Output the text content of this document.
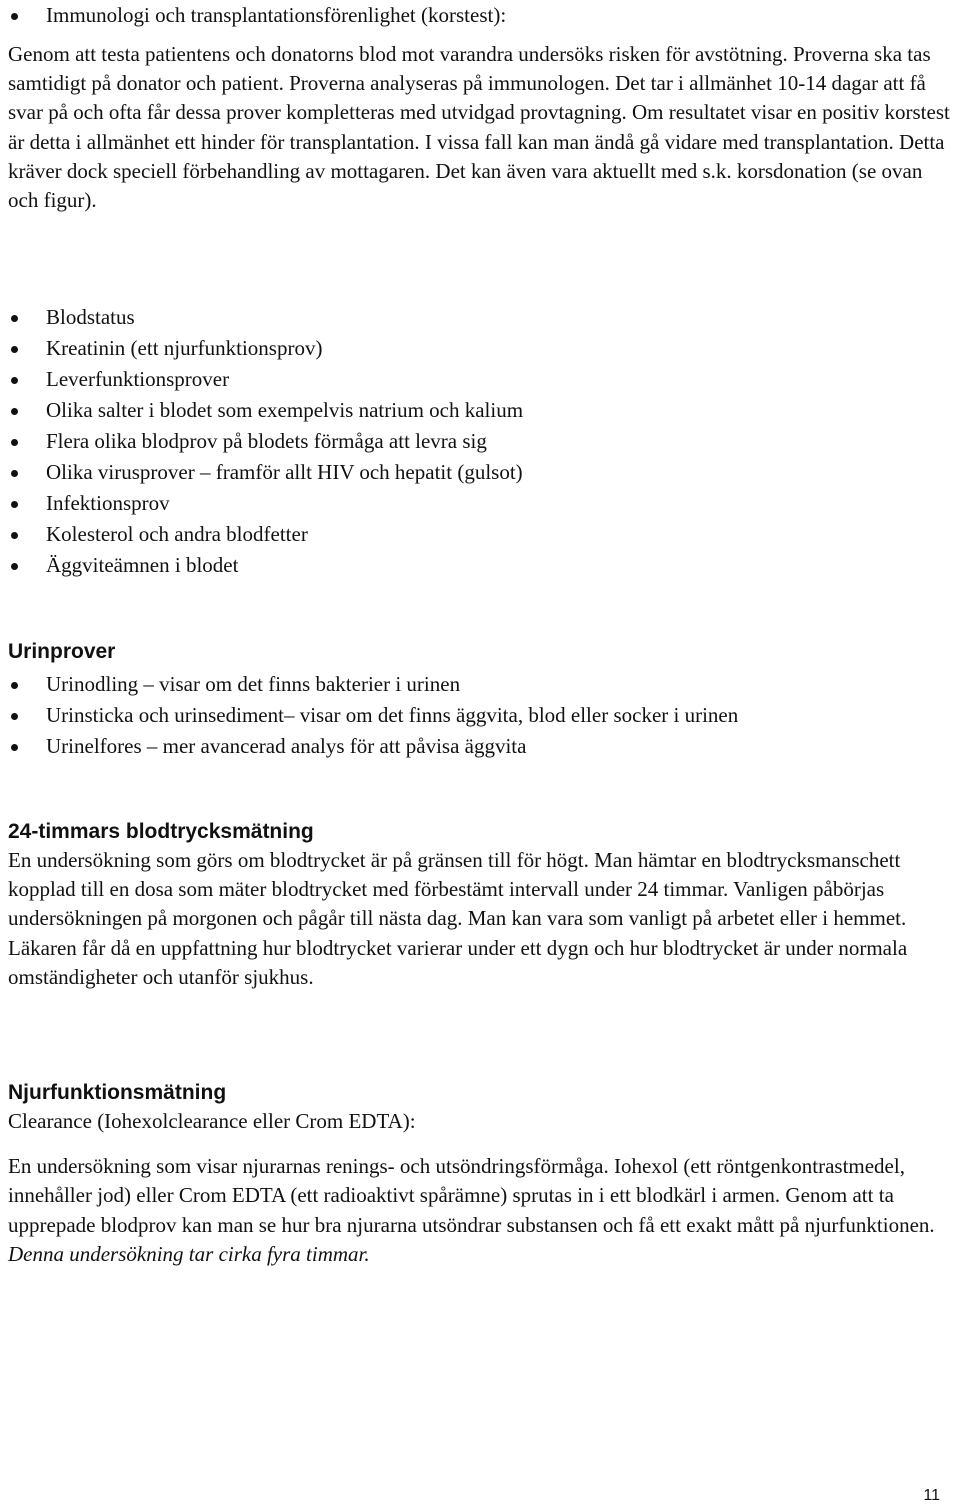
Immunologi och transplantationsförenlighet (korstest):

Genom att testa patientens och donatorns blod mot varandra undersöks risken för avstötning. Proverna ska tas samtidigt på donator och patient. Proverna analyseras på immunologen. Det tar i allmänhet 10-14 dagar att få svar på och ofta får dessa prover kompletteras med utvidgad provtagning. Om resultatet visar en positiv korstest är detta i allmänhet ett hinder för transplantation. I vissa fall kan man ändå gå vidare med transplantation. Detta kräver dock speciell förbehandling av mottagaren. Det kan även vara aktuellt med s.k. korsdonation (se ovan och figur).

Blodstatus
Kreatinin (ett njurfunktionsprov)
Leverfunktionsprover
Olika salter i blodet som exempelvis natrium och kalium
Flera olika blodprov på blodets förmåga att levra sig
Olika virusprover – framför allt HIV och hepatit (gulsot)
Infektionsprov
Kolesterol och andra blodfetter
Äggviteämnen i blodet
Urinprover
Urinodling – visar om det finns bakterier i urinen
Urinsticka och urinsediment– visar om det finns äggvita, blod eller socker i urinen
Urinelfores – mer avancerad analys för att påvisa äggvita
24-timmars blodtrycksmätning

En undersökning som görs om blodtrycket är på gränsen till för högt. Man hämtar en blodtrycksmanschett kopplad till en dosa som mäter blodtrycket med förbestämt intervall under 24 timmar. Vanligen påbörjas undersökningen på morgonen och pågår till nästa dag. Man kan vara som vanligt på arbetet eller i hemmet. Läkaren får då en uppfattning hur blodtrycket varierar under ett dygn och hur blodtrycket är under normala omständigheter och utanför sjukhus.

Njurfunktionsmätning

Clearance (Iohexolclearance eller Crom EDTA):

En undersökning som visar njurarnas renings- och utsöndringsförmåga. Iohexol (ett röntgenkontrastmedel, innehåller jod) eller Crom EDTA (ett radioaktivt spårämne) sprutas in i ett blodkärl i armen. Genom att ta upprepade blodprov kan man se hur bra njurarna utsöndrar substansen och få ett exakt mått på njurfunktionen. Denna undersökning tar cirka fyra timmar.

11
